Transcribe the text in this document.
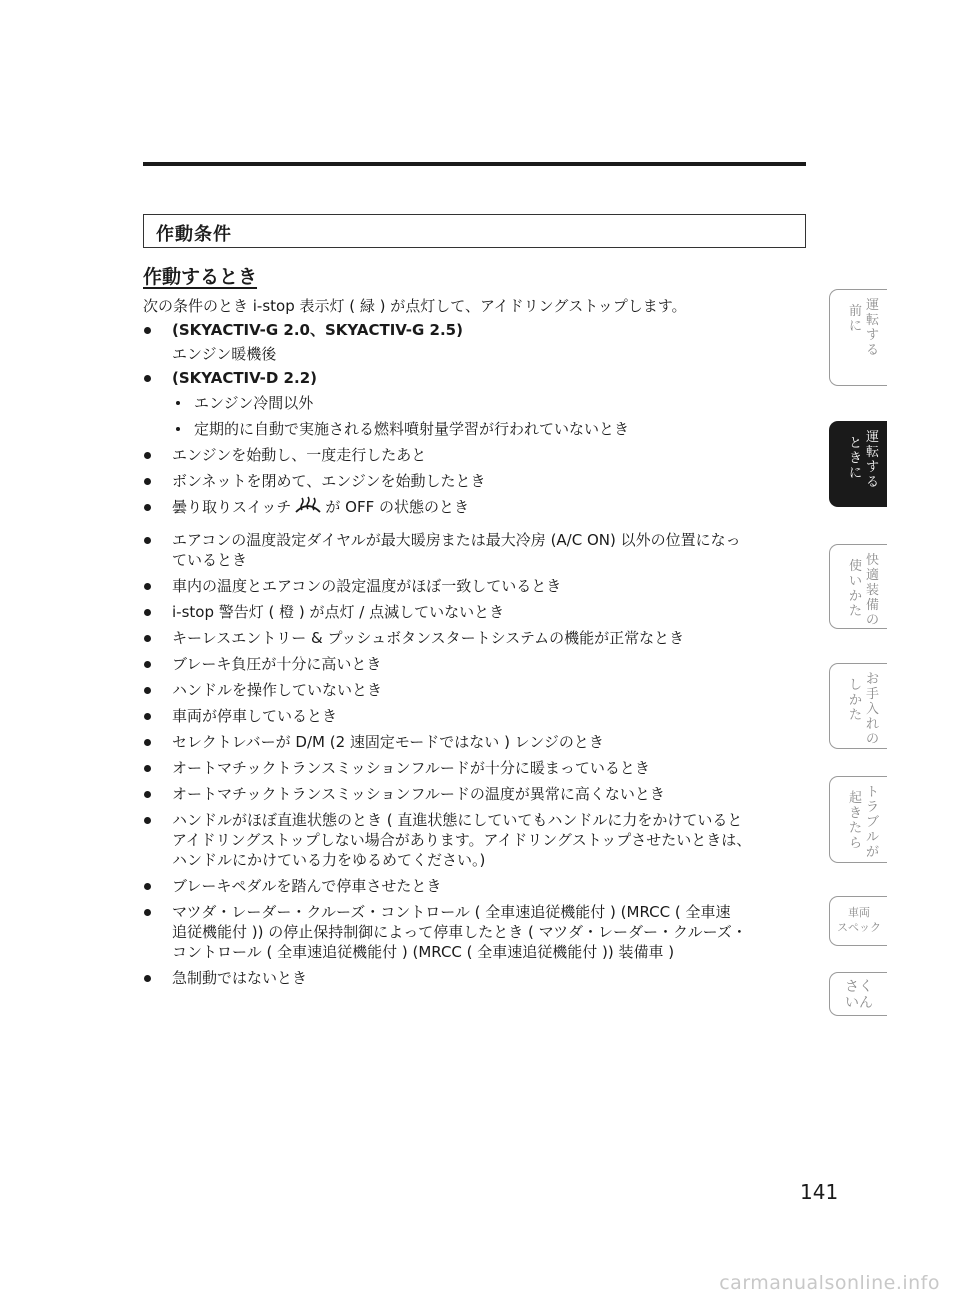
作動条件
作動するとき
次の条件のとき i-stop 表示灯 ( 緑 ) が点灯して、アイドリングストップします。
(SKYACTIV-G 2.0、SKYACTIV-G 2.5)
エンジン暖機後
(SKYACTIV-D 2.2)
エンジン冷間以外
定期的に自動で実施される燃料噴射量学習が行われていないとき
エンジンを始動し、一度走行したあと
ボンネットを閉めて、エンジンを始動したとき
曇り取りスイッチ が OFF の状態のとき
エアコンの温度設定ダイヤルが最大暖房または最大冷房 (A/C ON) 以外の位置になっ
ているとき
車内の温度とエアコンの設定温度がほぼ一致しているとき
i-stop 警告灯 ( 橙 ) が点灯 / 点滅していないとき
キーレスエントリー & プッシュボタンスタートシステムの機能が正常なとき
ブレーキ負圧が十分に高いとき
ハンドルを操作していないとき
車両が停車しているとき
セレクトレバーが D/M (2 速固定モードではない ) レンジのとき
オートマチックトランスミッションフルードが十分に暖まっているとき
オートマチックトランスミッションフルードの温度が異常に高くないとき
ハンドルがほぼ直進状態のとき ( 直進状態にしていてもハンドルに力をかけていると
アイドリングストップしない場合があります。アイドリングストップさせたいときは、
ハンドルにかけている力をゆるめてください。)
ブレーキペダルを踏んで停車させたとき
マツダ・レーダー・クルーズ・コントロール ( 全車速追従機能付 ) (MRCC ( 全車速
追従機能付 )) の停止保持制御によって停車したとき ( マツダ・レーダー・クルーズ・
コントロール ( 全車速追従機能付 ) (MRCC ( 全車速追従機能付 )) 装備車 )
急制動ではないとき
運転する
前に
運転する
ときに
快適装備の
使いかた
お手入れの
しかた
トラブルが
起きたら
車両
スペック
さく
いん
141
carmanualsonline.info
